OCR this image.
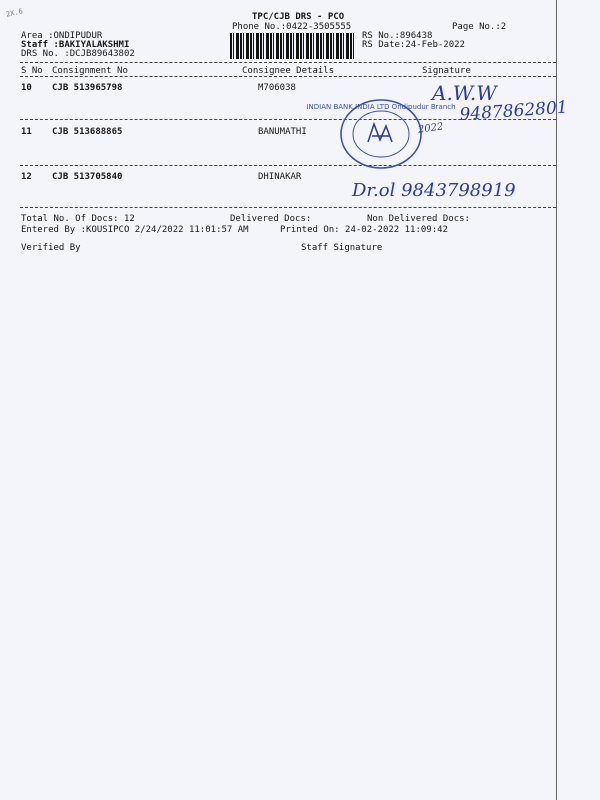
2X.6	TPC/CJB DRS - PCO
Phone No.:0422-3505555	Page No.:2
Area :ONDIPUDUR
Staff :BAKIYALAKSHMI
DRS No. :DCJB89643802
RS No.:896438
RS Date:24-Feb-2022
S No Consignment No	Consignee Details	Signature
10 CJB 513965798	M706038
11 CJB 513688865	BANUMATHI
12 CJB 513705840	DHINAKAR
INDIAN BANK INDIA LTD Ondipudur Branch
A.W.W
9487862801
2022
Dr.ol 9843798919
Total No. Of Docs: 12	Delivered Docs:	Non Delivered Docs:
Entered By :KOUSIPCO 2/24/2022 11:01:57 AM	Printed On: 24-02-2022 11:09:42
Verified By	Staff Signature
